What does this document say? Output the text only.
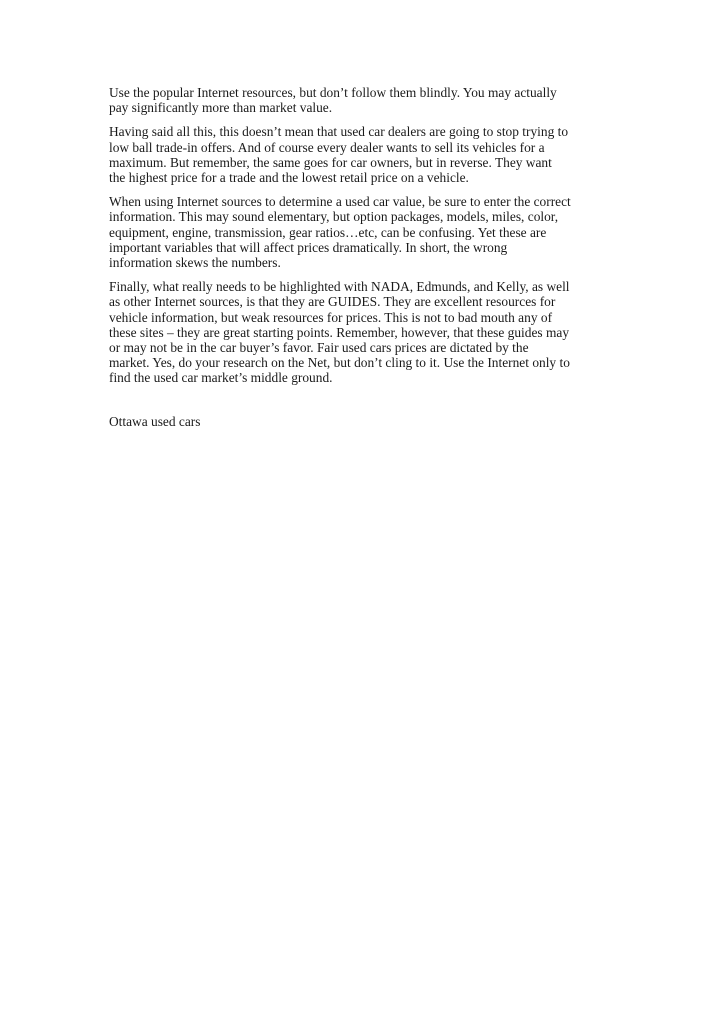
Use the popular Internet resources, but don’t follow them blindly. You may actually
pay significantly more than market value.

Having said all this, this doesn’t mean that used car dealers are going to stop trying to
low ball trade-in offers. And of course every dealer wants to sell its vehicles for a
maximum. But remember, the same goes for car owners, but in reverse. They want
the highest price for a trade and the lowest retail price on a vehicle.

When using Internet sources to determine a used car value, be sure to enter the correct
information. This may sound elementary, but option packages, models, miles, color,
equipment, engine, transmission, gear ratios…etc, can be confusing. Yet these are
important variables that will affect prices dramatically. In short, the wrong
information skews the numbers.

Finally, what really needs to be highlighted with NADA, Edmunds, and Kelly, as well
as other Internet sources, is that they are GUIDES. They are excellent resources for
vehicle information, but weak resources for prices. This is not to bad mouth any of
these sites – they are great starting points. Remember, however, that these guides may
or may not be in the car buyer’s favor. Fair used cars prices are dictated by the
market. Yes, do your research on the Net, but don’t cling to it. Use the Internet only to
find the used car market’s middle ground.

Ottawa used cars
